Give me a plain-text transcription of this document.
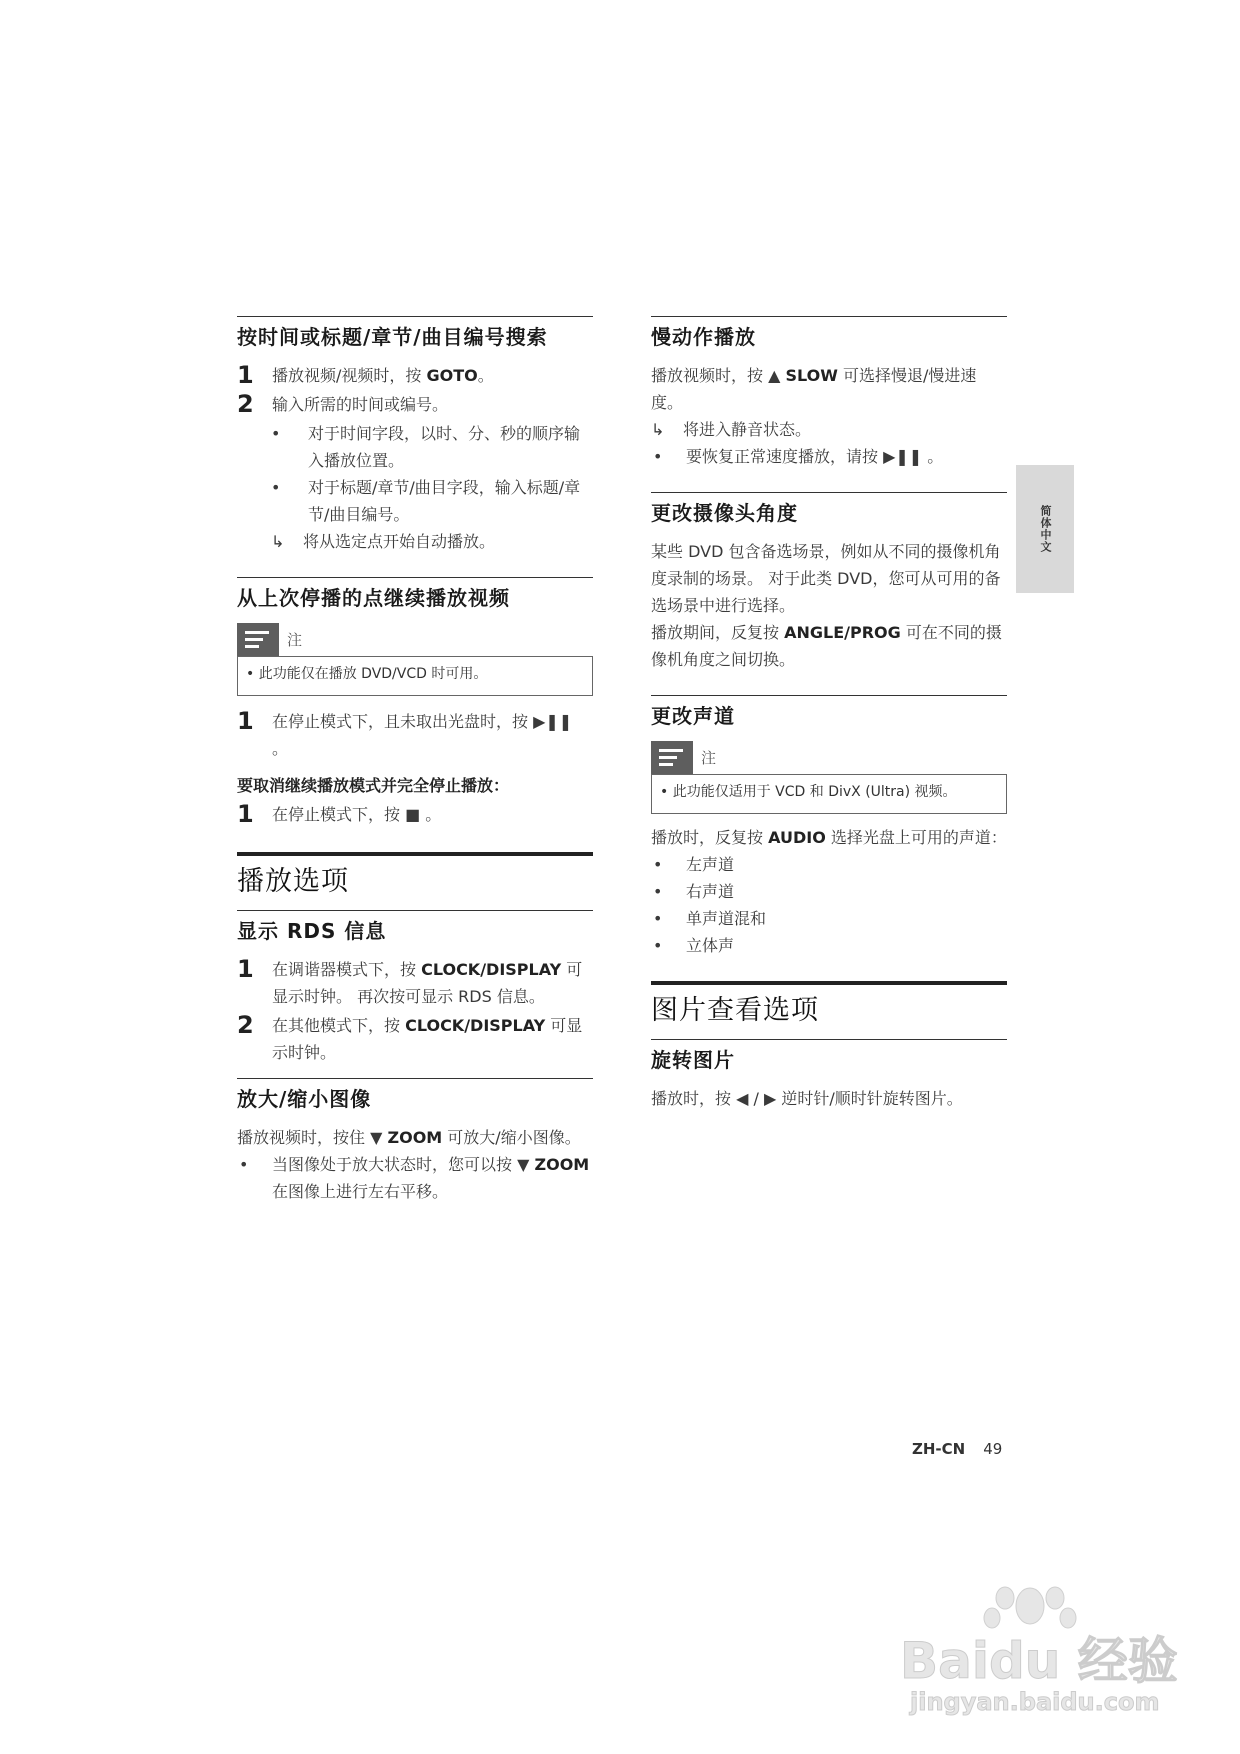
按时间或标题/章节/曲目编号搜索
1 播放视频/视频时，按 GOTO。
2 输入所需的时间或编号。
• 对于时间字段，以时、分、秒的顺序输入播放位置。
• 对于标题/章节/曲目字段，输入标题/章节/曲目编号。
↳ 将从选定点开始自动播放。
从上次停播的点继续播放视频
注
• 此功能仅在播放 DVD/VCD 时可用。
1 在停止模式下，且未取出光盘时，按 ▶❚❚ 。
要取消继续播放模式并完全停止播放：
1 在停止模式下，按 ■ 。
播放选项
显示 RDS 信息
1 在调谐器模式下，按 CLOCK/DISPLAY 可显示时钟。 再次按可显示 RDS 信息。
2 在其他模式下，按 CLOCK/DISPLAY 可显示时钟。
放大/缩小图像

播放视频时，按住 ▼ ZOOM 可放大/缩小图像。

• 当图像处于放大状态时，您可以按 ▼ ZOOM 在图像上进行左右平移。
慢动作播放

播放视频时，按 ▲ SLOW 可选择慢退/慢进速度。

↳ 将进入静音状态。
• 要恢复正常速度播放，请按 ▶❚❚ 。
更改摄像头角度

某些 DVD 包含备选场景，例如从不同的摄像机角度录制的场景。 对于此类 DVD，您可从可用的备选场景中进行选择。

播放期间，反复按 ANGLE/PROG 可在不同的摄像机角度之间切换。

更改声道
注
• 此功能仅适用于 VCD 和 DivX (Ultra) 视频。

播放时，反复按 AUDIO 选择光盘上可用的声道：

• 左声道
• 右声道
• 单声道混和
• 立体声
图片查看选项
旋转图片

播放时，按 ◀ / ▶ 逆时针/顺时针旋转图片。

简体中文
ZH-CN 49
Baidu 经验
jingyan.baidu.com
